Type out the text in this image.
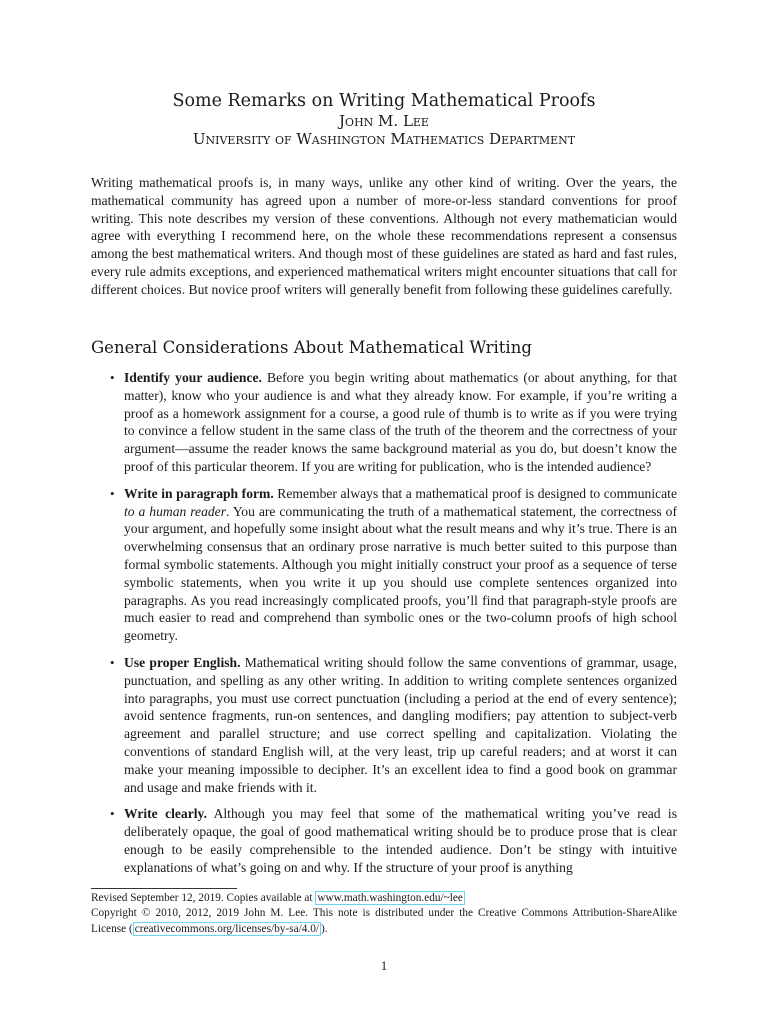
Some Remarks on Writing Mathematical Proofs
John M. Lee
University of Washington Mathematics Department

Writing mathematical proofs is, in many ways, unlike any other kind of writing. Over the years, the mathematical community has agreed upon a number of more-or-less standard conventions for proof writing. This note describes my version of these conventions. Although not every mathematician would agree with everything I recommend here, on the whole these recommendations represent a consensus among the best mathematical writers. And though most of these guidelines are stated as hard and fast rules, every rule admits exceptions, and experienced mathematical writers might encounter situations that call for different choices. But novice proof writers will generally benefit from following these guidelines carefully.

General Considerations About Mathematical Writing
• Identify your audience. Before you begin writing about mathematics (or about anything, for that matter), know who your audience is and what they already know. For example, if you’re writing a proof as a homework assignment for a course, a good rule of thumb is to write as if you were trying to convince a fellow student in the same class of the truth of the theorem and the correctness of your argument—assume the reader knows the same background material as you do, but doesn’t know the proof of this particular theorem. If you are writing for publication, who is the intended audience?
• Write in paragraph form. Remember always that a mathematical proof is designed to communicate to a human reader. You are communicating the truth of a mathematical statement, the correctness of your argument, and hopefully some insight about what the result means and why it’s true. There is an overwhelming consensus that an ordinary prose narrative is much better suited to this purpose than formal symbolic statements. Although you might initially construct your proof as a sequence of terse symbolic statements, when you write it up you should use complete sentences organized into paragraphs. As you read increasingly complicated proofs, you’ll find that paragraph-style proofs are much easier to read and comprehend than symbolic ones or the two-column proofs of high school geometry.
• Use proper English. Mathematical writing should follow the same conventions of grammar, usage, punctuation, and spelling as any other writing. In addition to writing complete sentences organized into paragraphs, you must use correct punctuation (including a period at the end of every sentence); avoid sentence fragments, run-on sentences, and dangling modifiers; pay attention to subject-verb agreement and parallel structure; and use correct spelling and capitalization. Violating the conventions of standard English will, at the very least, trip up careful readers; and at worst it can make your meaning impossible to decipher. It’s an excellent idea to find a good book on grammar and usage and make friends with it.
• Write clearly. Although you may feel that some of the mathematical writing you’ve read is deliberately opaque, the goal of good mathematical writing should be to produce prose that is clear enough to be easily comprehensible to the intended audience. Don’t be stingy with intuitive explanations of what’s going on and why. If the structure of your proof is anything
Revised September 12, 2019. Copies available at www.math.washington.edu/~lee
Copyright © 2010, 2012, 2019 John M. Lee. This note is distributed under the Creative Commons Attribution-ShareAlike License ( creativecommons.org/licenses/by-sa/4.0/ ).
1
